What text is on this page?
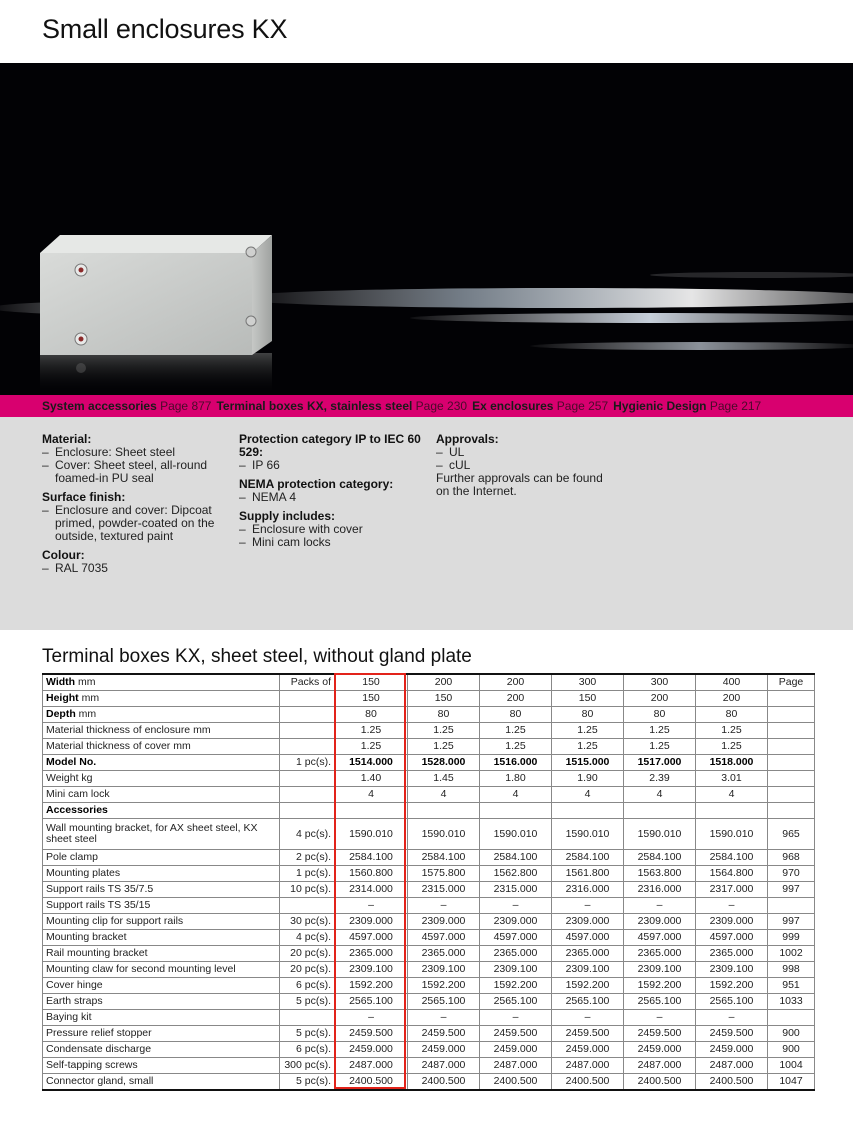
Small enclosures KX
System accessories Page 877 Terminal boxes KX, stainless steel Page 230 Ex enclosures Page 257 Hygienic Design Page 217
Material:
– Enclosure: Sheet steel
– Cover: Sheet steel, all-round foamed-in PU seal
Surface finish:
– Enclosure and cover: Dipcoat primed, powder-coated on the outside, textured paint
Colour:
– RAL 7035
Protection category IP to IEC 60 529:
– IP 66
NEMA protection category:
– NEMA 4
Supply includes:
– Enclosure with cover
– Mini cam locks
Approvals:
– UL
– cUL
Further approvals can be found on the Internet.
Terminal boxes KX, sheet steel, without gland plate
Width mm	Packs of	150	200	200	300	300	400	Page
Height mm		150	150	200	150	200	200	
Depth mm		80	80	80	80	80	80	
Material thickness of enclosure mm		1.25	1.25	1.25	1.25	1.25	1.25	
Material thickness of cover mm		1.25	1.25	1.25	1.25	1.25	1.25	
Model No.	1 pc(s).	1514.000	1528.000	1516.000	1515.000	1517.000	1518.000	
Weight kg		1.40	1.45	1.80	1.90	2.39	3.01	
Mini cam lock		4	4	4	4	4	4	
Accessories								
Wall mounting bracket, for AX sheet steel, KX sheet steel	4 pc(s).	1590.010	1590.010	1590.010	1590.010	1590.010	1590.010	965
Pole clamp	2 pc(s).	2584.100	2584.100	2584.100	2584.100	2584.100	2584.100	968
Mounting plates	1 pc(s).	1560.800	1575.800	1562.800	1561.800	1563.800	1564.800	970
Support rails TS 35/7.5	10 pc(s).	2314.000	2315.000	2315.000	2316.000	2316.000	2317.000	997
Support rails TS 35/15		–	–	–	–	–	–	
Mounting clip for support rails	30 pc(s).	2309.000	2309.000	2309.000	2309.000	2309.000	2309.000	997
Mounting bracket	4 pc(s).	4597.000	4597.000	4597.000	4597.000	4597.000	4597.000	999
Rail mounting bracket	20 pc(s).	2365.000	2365.000	2365.000	2365.000	2365.000	2365.000	1002
Mounting claw for second mounting level	20 pc(s).	2309.100	2309.100	2309.100	2309.100	2309.100	2309.100	998
Cover hinge	6 pc(s).	1592.200	1592.200	1592.200	1592.200	1592.200	1592.200	951
Earth straps	5 pc(s).	2565.100	2565.100	2565.100	2565.100	2565.100	2565.100	1033
Baying kit		–	–	–	–	–	–	
Pressure relief stopper	5 pc(s).	2459.500	2459.500	2459.500	2459.500	2459.500	2459.500	900
Condensate discharge	6 pc(s).	2459.000	2459.000	2459.000	2459.000	2459.000	2459.000	900
Self-tapping screws	300 pc(s).	2487.000	2487.000	2487.000	2487.000	2487.000	2487.000	1004
Connector gland, small	5 pc(s).	2400.500	2400.500	2400.500	2400.500	2400.500	2400.500	1047
